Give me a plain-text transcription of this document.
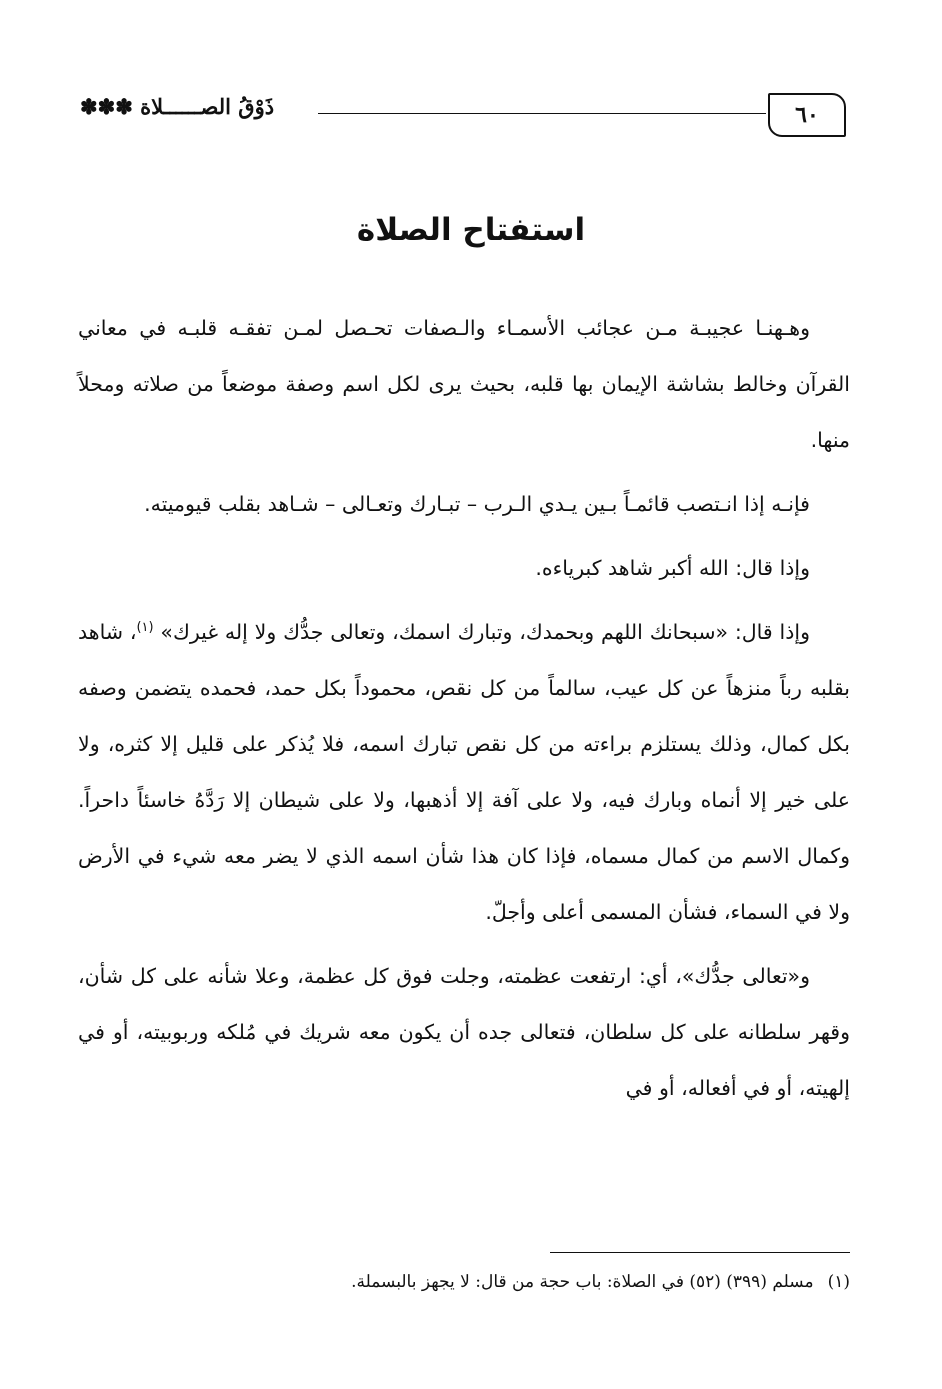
ذَوْقُ الصــــــلاة ✽✽✽	٦٠
استفتاح الصلاة

وهـهنـا عجيبـة مـن عجائب الأسمـاء والـصفات تحـصل لمـن تفقـه قلبـه في معاني القرآن وخالط بشاشة الإيمان بها قلبه، بحيث يرى لكل اسم وصفة موضعاً من صلاته ومحلاً منها.

فإنـه إذا انـتصب قائمـاً بـين يـدي الـرب – تبـارك وتعـالى – شـاهد بقلب قيوميته.

وإذا قال: الله أكبر شاهد كبرياءه.

وإذا قال: «سبحانك اللهم وبحمدك، وتبارك اسمك، وتعالى جدُّك ولا إله غيرك» $^{(١)}$، شاهد بقلبه رباً منزهاً عن كل عيب، سالماً من كل نقص، محموداً بكل حمد، فحمده يتضمن وصفه بكل كمال، وذلك يستلزم براءته من كل نقص تبارك اسمه، فلا يُذكر على قليل إلا كثره، ولا على خير إلا أنماه وبارك فيه، ولا على آفة إلا أذهبها، ولا على شيطان إلا رَدَّهُ خاسئاً داحراً. وكمال الاسم من كمال مسماه، فإذا كان هذا شأن اسمه الذي لا يضر معه شيء في الأرض ولا في السماء، فشأن المسمى أعلى وأجلّ.

و«تعالى جدُّك»، أي: ارتفعت عظمته، وجلت فوق كل عظمة، وعلا شأنه على كل شأن، وقهر سلطانه على كل سلطان، فتعالى جده أن يكون معه شريك في مُلكه وربوبيته، أو في إلهيته، أو في أفعاله، أو في

(١)مسلم (٣٩٩) (٥٢) في الصلاة: باب حجة من قال: لا يجهز بالبسملة.
